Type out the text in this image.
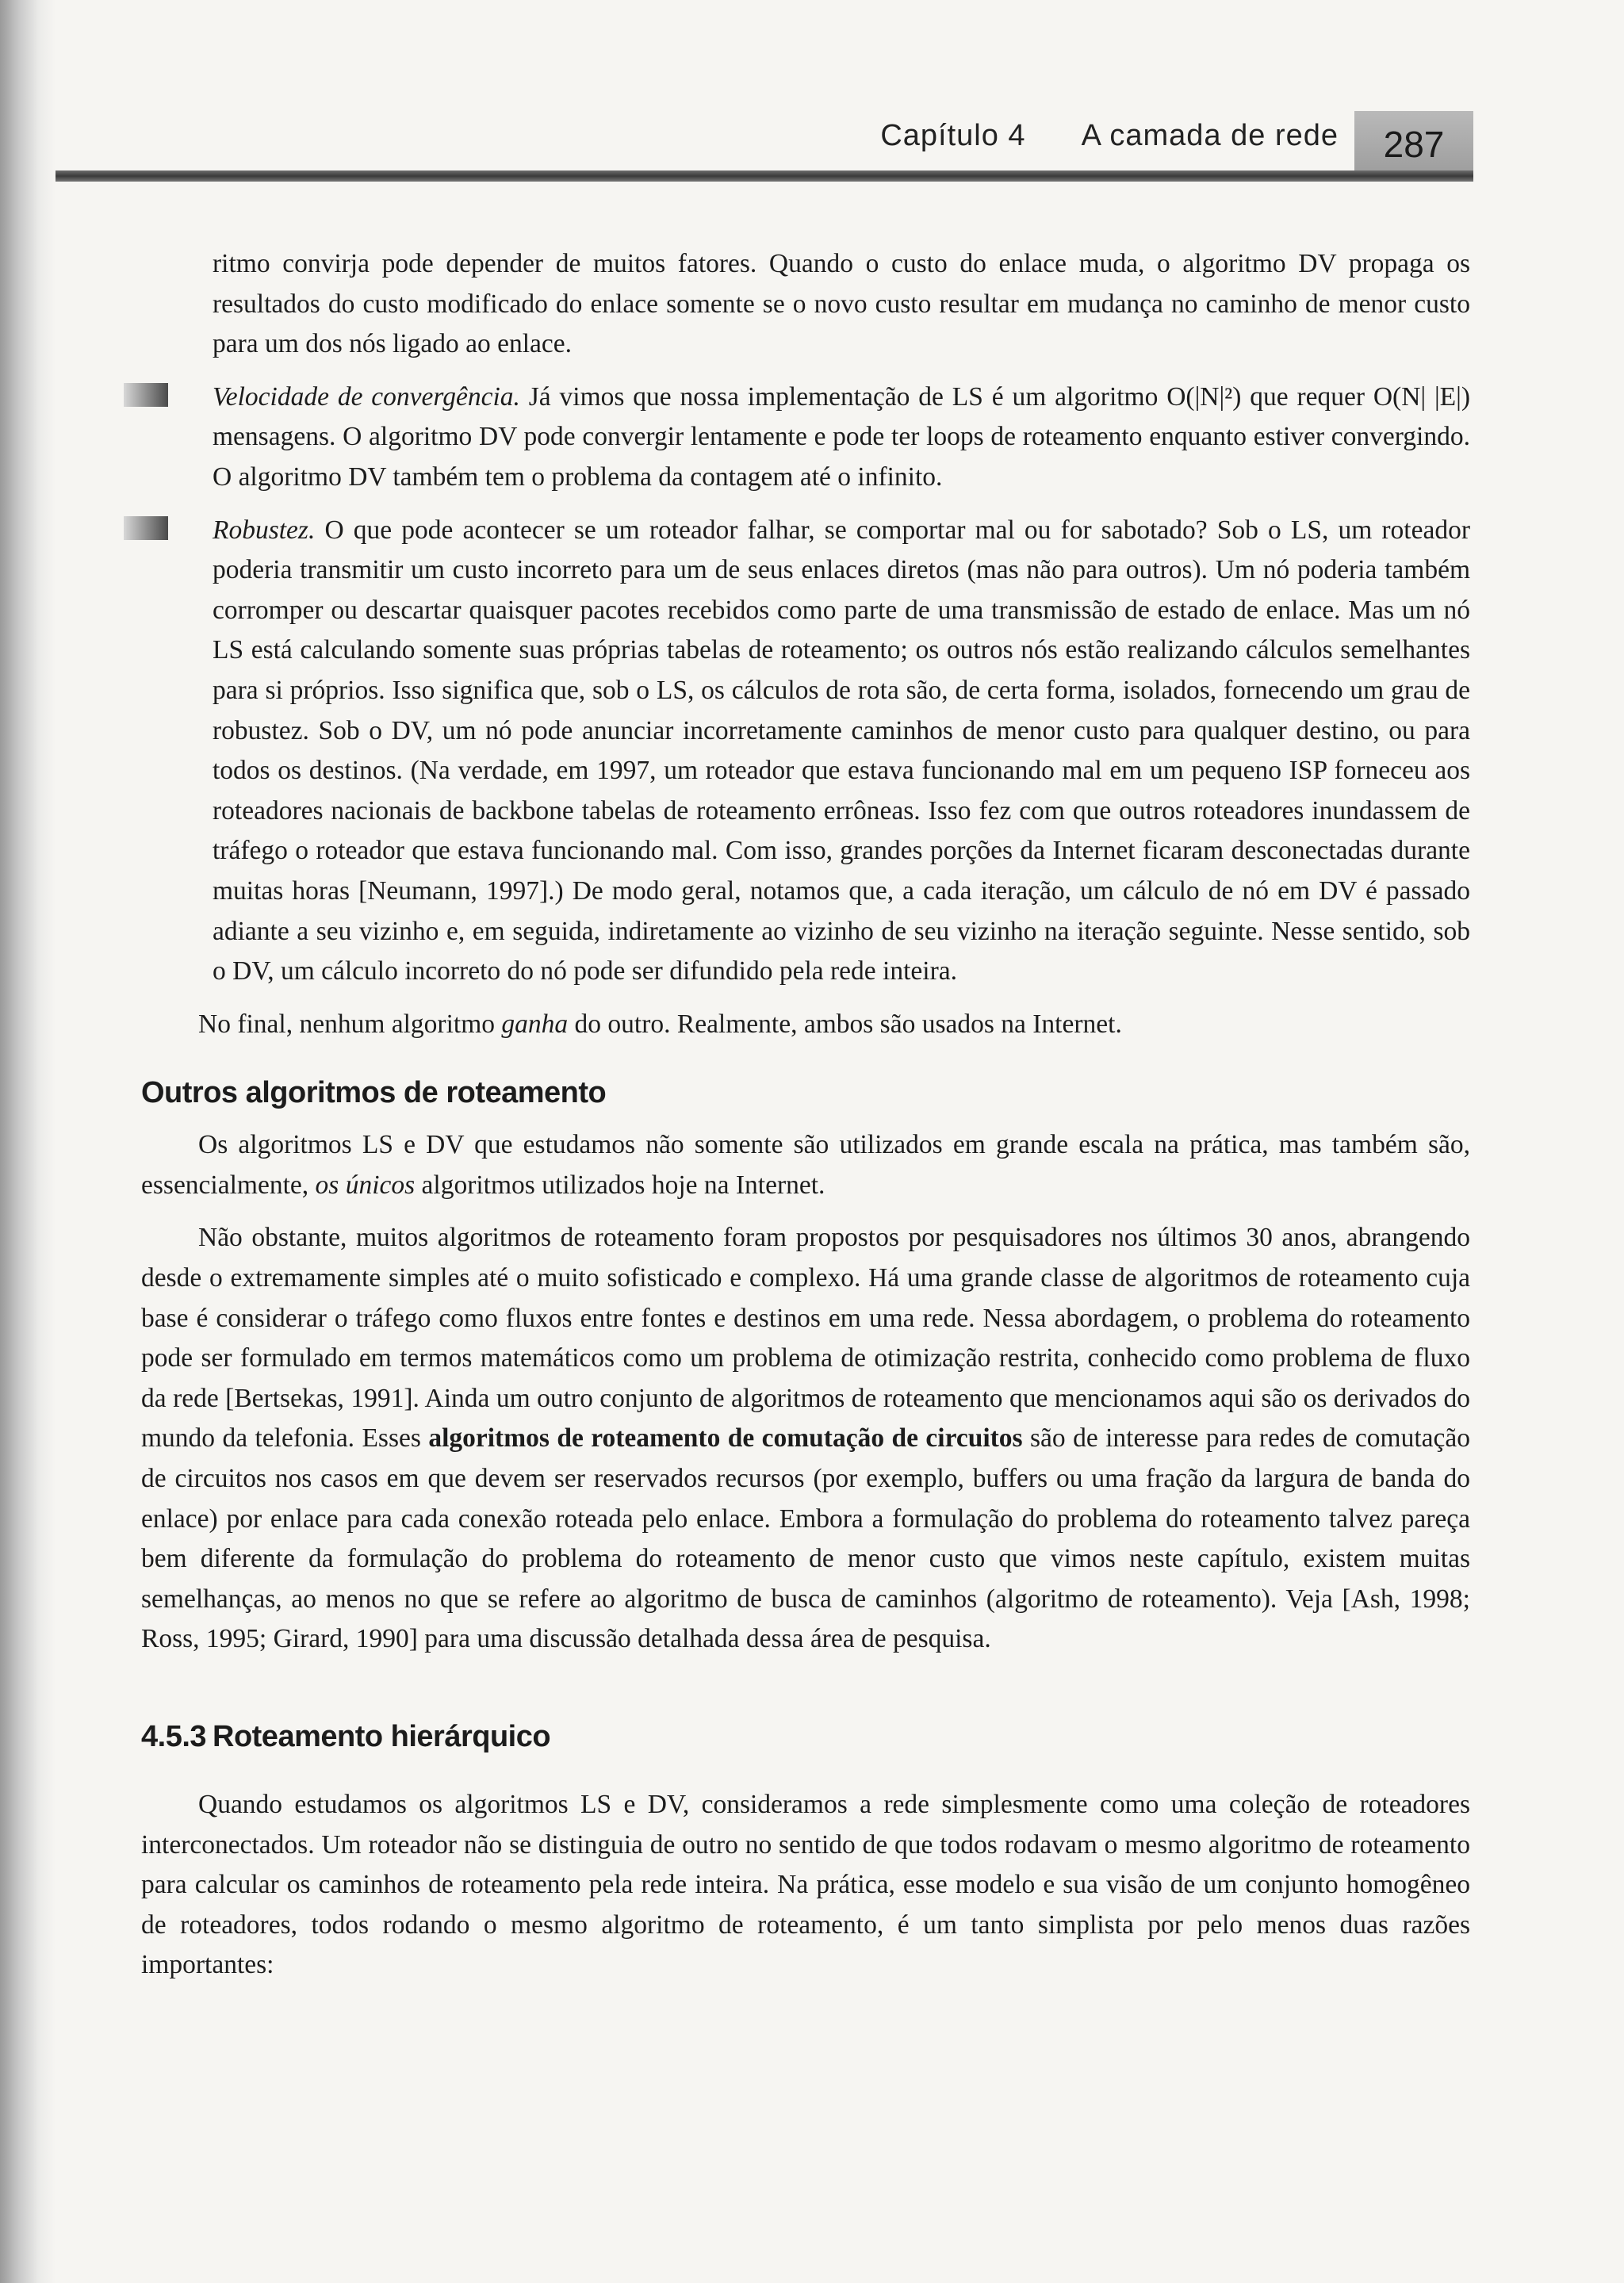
Capítulo 4 A camada de rede 287

ritmo convirja pode depender de muitos fatores. Quando o custo do enlace muda, o algoritmo DV propaga os resultados do custo modificado do enlace somente se o novo custo resultar em mudança no caminho de menor custo para um dos nós ligado ao enlace.

Velocidade de convergência. Já vimos que nossa implementação de LS é um algoritmo O(|N|²) que requer O(N| |E|) mensagens. O algoritmo DV pode convergir lentamente e pode ter loops de roteamento enquanto estiver convergindo. O algoritmo DV também tem o problema da contagem até o infinito.

Robustez. O que pode acontecer se um roteador falhar, se comportar mal ou for sabotado? Sob o LS, um roteador poderia transmitir um custo incorreto para um de seus enlaces diretos (mas não para outros). Um nó poderia também corromper ou descartar quaisquer pacotes recebidos como parte de uma transmissão de estado de enlace. Mas um nó LS está calculando somente suas próprias tabelas de roteamento; os outros nós estão realizando cálculos semelhantes para si próprios. Isso significa que, sob o LS, os cálculos de rota são, de certa forma, isolados, fornecendo um grau de robustez. Sob o DV, um nó pode anunciar incorretamente caminhos de menor custo para qualquer destino, ou para todos os destinos. (Na verdade, em 1997, um roteador que estava funcionando mal em um pequeno ISP forneceu aos roteadores nacionais de backbone tabelas de roteamento errôneas. Isso fez com que outros roteadores inundassem de tráfego o roteador que estava funcionando mal. Com isso, grandes porções da Internet ficaram desconectadas durante muitas horas [Neumann, 1997].) De modo geral, notamos que, a cada iteração, um cálculo de nó em DV é passado adiante a seu vizinho e, em seguida, indiretamente ao vizinho de seu vizinho na iteração seguinte. Nesse sentido, sob o DV, um cálculo incorreto do nó pode ser difundido pela rede inteira.

No final, nenhum algoritmo ganha do outro. Realmente, ambos são usados na Internet.

Outros algoritmos de roteamento

Os algoritmos LS e DV que estudamos não somente são utilizados em grande escala na prática, mas também são, essencialmente, os únicos algoritmos utilizados hoje na Internet.

Não obstante, muitos algoritmos de roteamento foram propostos por pesquisadores nos últimos 30 anos, abrangendo desde o extremamente simples até o muito sofisticado e complexo. Há uma grande classe de algoritmos de roteamento cuja base é considerar o tráfego como fluxos entre fontes e destinos em uma rede. Nessa abordagem, o problema do roteamento pode ser formulado em termos matemáticos como um problema de otimização restrita, conhecido como problema de fluxo da rede [Bertsekas, 1991]. Ainda um outro conjunto de algoritmos de roteamento que mencionamos aqui são os derivados do mundo da telefonia. Esses algoritmos de roteamento de comutação de circuitos são de interesse para redes de comutação de circuitos nos casos em que devem ser reservados recursos (por exemplo, buffers ou uma fração da largura de banda do enlace) por enlace para cada conexão roteada pelo enlace. Embora a formulação do problema do roteamento talvez pareça bem diferente da formulação do problema do roteamento de menor custo que vimos neste capítulo, existem muitas semelhanças, ao menos no que se refere ao algoritmo de busca de caminhos (algoritmo de roteamento). Veja [Ash, 1998; Ross, 1995; Girard, 1990] para uma discussão detalhada dessa área de pesquisa.

4.5.3 Roteamento hierárquico

Quando estudamos os algoritmos LS e DV, consideramos a rede simplesmente como uma coleção de roteadores interconectados. Um roteador não se distinguia de outro no sentido de que todos rodavam o mesmo algoritmo de roteamento para calcular os caminhos de roteamento pela rede inteira. Na prática, esse modelo e sua visão de um conjunto homogêneo de roteadores, todos rodando o mesmo algoritmo de roteamento, é um tanto simplista por pelo menos duas razões importantes:
